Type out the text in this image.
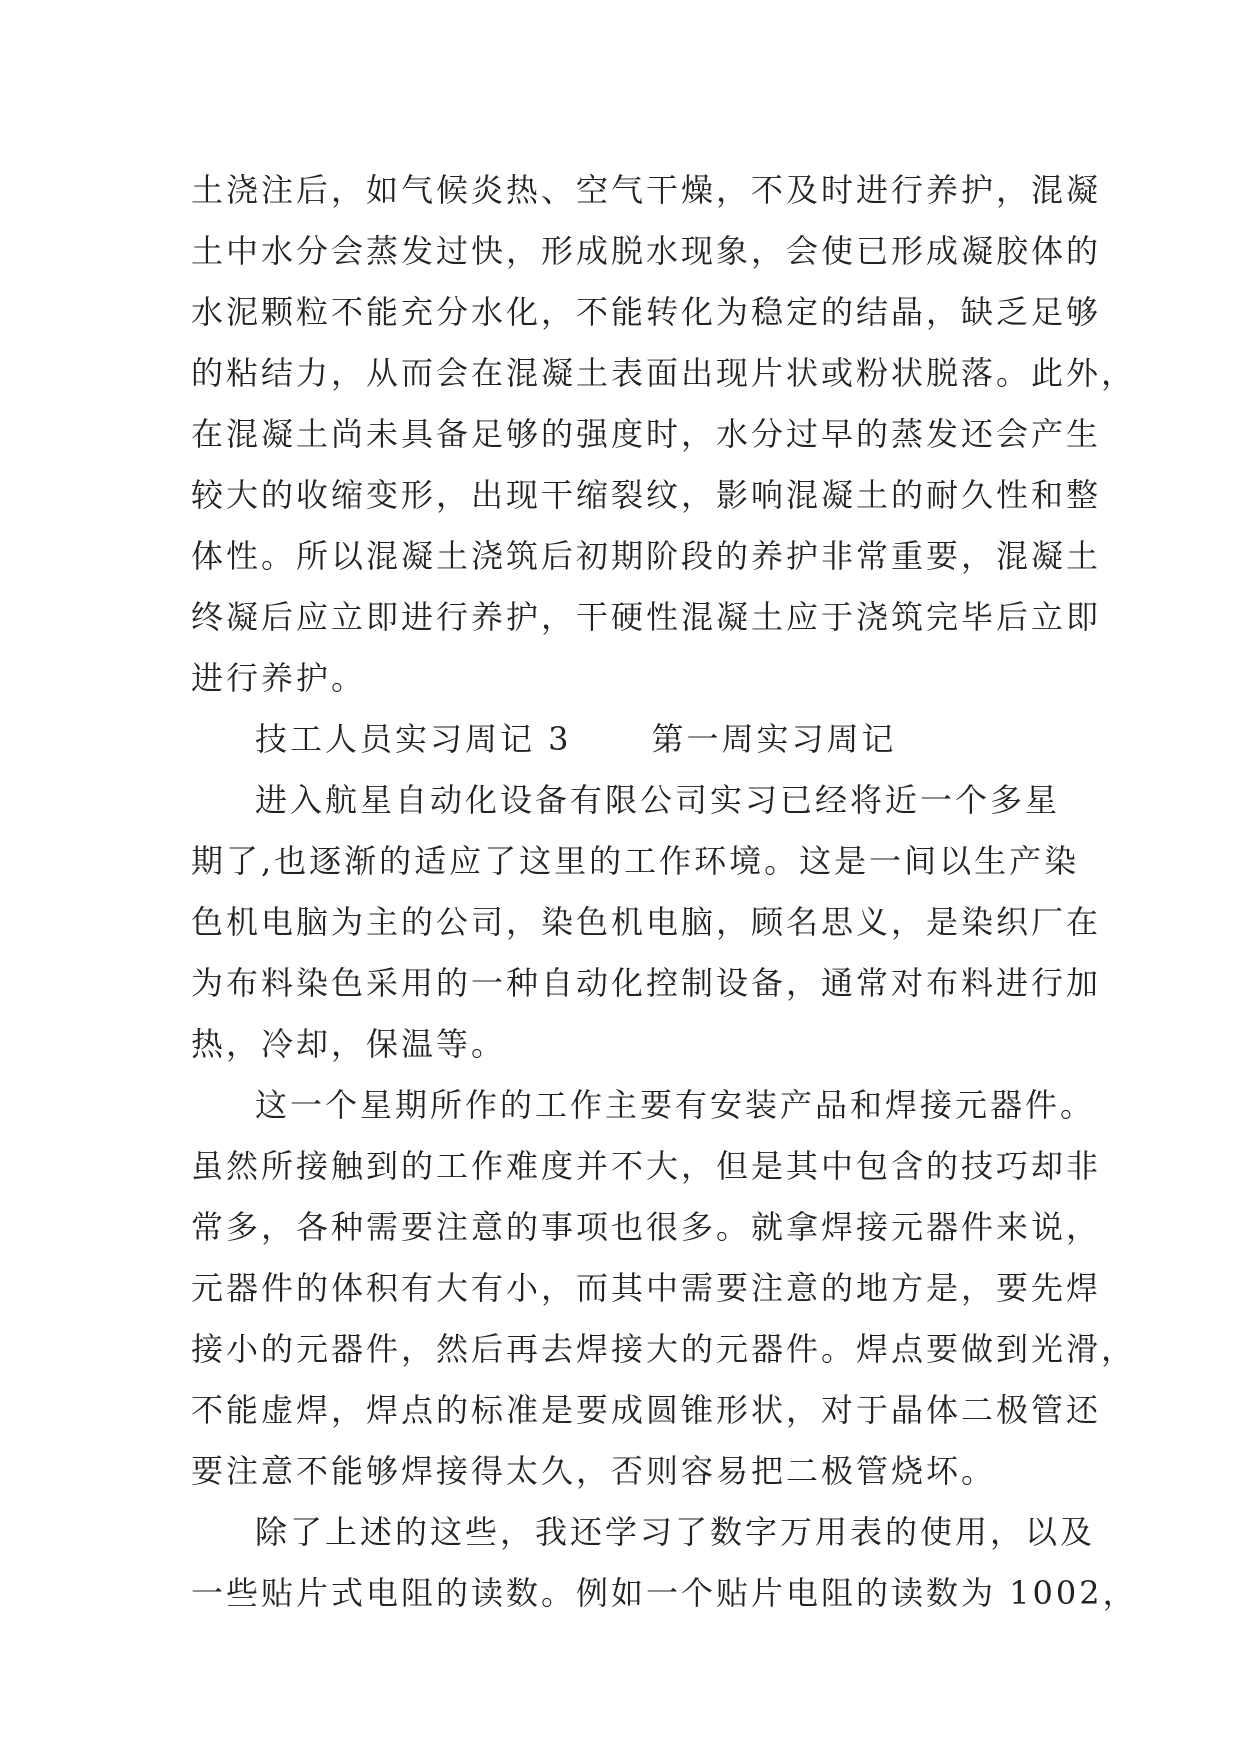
土浇注后，如气候炎热、空气干燥，不及时进行养护，混凝
土中水分会蒸发过快，形成脱水现象，会使已形成凝胶体的
水泥颗粒不能充分水化，不能转化为稳定的结晶，缺乏足够
的粘结力，从而会在混凝土表面出现片状或粉状脱落。此外，
在混凝土尚未具备足够的强度时，水分过早的蒸发还会产生
较大的收缩变形，出现干缩裂纹，影响混凝土的耐久性和整
体性。所以混凝土浇筑后初期阶段的养护非常重要，混凝土
终凝后应立即进行养护，干硬性混凝土应于浇筑完毕后立即
进行养护。
技工人员实习周记 3	第一周实习周记
进入航星自动化设备有限公司实习已经将近一个多星
期了,也逐渐的适应了这里的工作环境。这是一间以生产染
色机电脑为主的公司，染色机电脑，顾名思义，是染织厂在
为布料染色采用的一种自动化控制设备，通常对布料进行加
热，冷却，保温等。
这一个星期所作的工作主要有安装产品和焊接元器件。
虽然所接触到的工作难度并不大，但是其中包含的技巧却非
常多，各种需要注意的事项也很多。就拿焊接元器件来说，
元器件的体积有大有小，而其中需要注意的地方是，要先焊
接小的元器件，然后再去焊接大的元器件。焊点要做到光滑，
不能虚焊，焊点的标准是要成圆锥形状，对于晶体二极管还
要注意不能够焊接得太久，否则容易把二极管烧坏。
除了上述的这些，我还学习了数字万用表的使用，以及
一些贴片式电阻的读数。例如一个贴片电阻的读数为 1002，
